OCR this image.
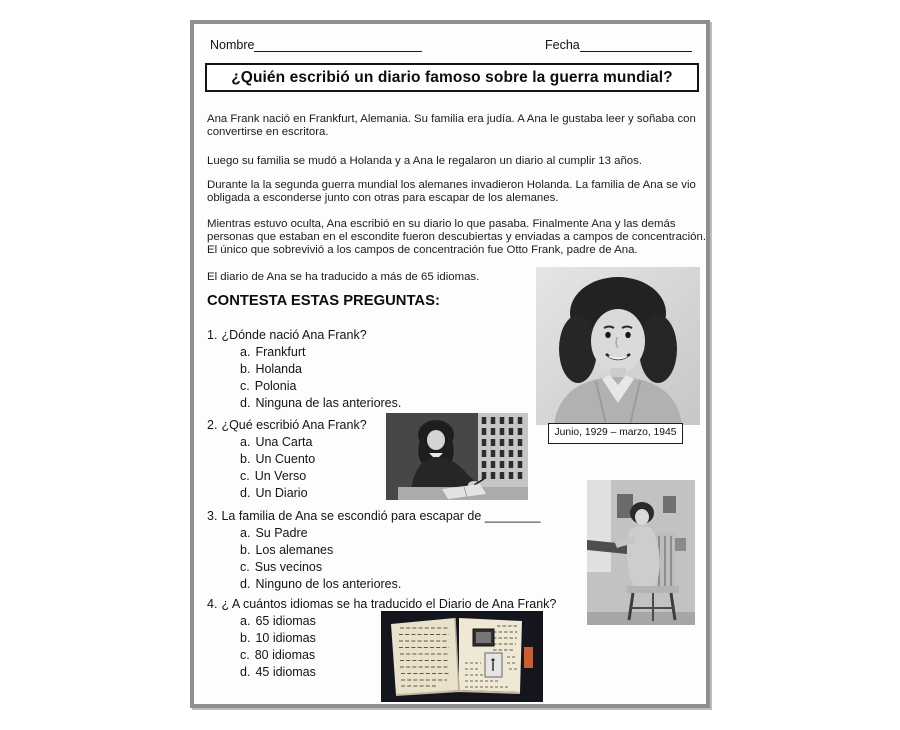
Nombre	Fecha
¿Quién escribió un diario famoso sobre la guerra mundial?

Ana Frank nació en Frankfurt, Alemania. Su familia era judía. A Ana le gustaba leer y soñaba con convertirse en escritora.

Luego su familia se mudó a Holanda y a Ana le regalaron un diario al cumplir 13 años.

Durante la la segunda guerra mundial los alemanes invadieron Holanda. La familia de Ana se vio obligada a esconderse junto con otras para escapar de los alemanes.

Mientras estuvo oculta, Ana escribió en su diario lo que pasaba. Finalmente Ana y las demás personas que estaban en el escondite fueron descubiertas y enviadas a campos de concentración. El único que sobrevivió a los campos de concentración fue Otto Frank, padre de Ana.

El diario de Ana se ha traducido a más de 65 idiomas.

CONTESTA ESTAS PREGUNTAS:
1. ¿Dónde nació Ana Frank?
a. Frankfurt
b. Holanda
c. Polonia
d. Ninguna de las anteriores.
2. ¿Qué escribió Ana Frank?
a. Una Carta
b. Un Cuento
c. Un Verso
d. Un Diario
3. La familia de Ana se escondió para escapar de ________
a. Su Padre
b. Los alemanes
c. Sus vecinos
d. Ninguno de los anteriores.
4. ¿ A cuántos idiomas se ha traducido el Diario de Ana Frank?
a. 65 idiomas
b. 10 idiomas
c. 80 idiomas
d. 45 idiomas
Junio, 1929 – marzo, 1945
